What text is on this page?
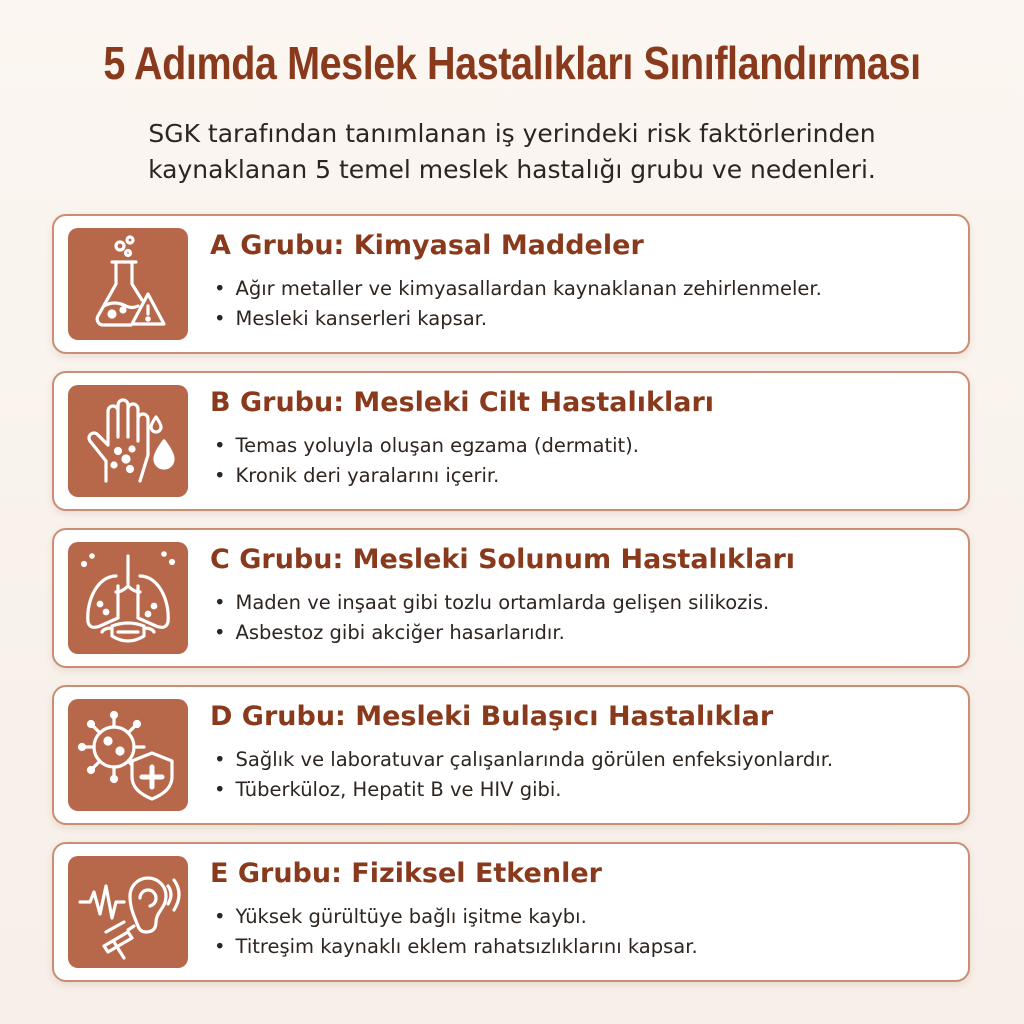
5 Adımda Meslek Hastalıkları Sınıflandırması
SGK tarafından tanımlanan iş yerindeki risk faktörlerinden
kaynaklanan 5 temel meslek hastalığı grubu ve nedenleri.
A Grubu: Kimyasal Maddeler
• Ağır metaller ve kimyasallardan kaynaklanan zehirlenmeler.
• Mesleki kanserleri kapsar.
B Grubu: Mesleki Cilt Hastalıkları
• Temas yoluyla oluşan egzama (dermatit).
• Kronik deri yaralarını içerir.
C Grubu: Mesleki Solunum Hastalıkları
• Maden ve inşaat gibi tozlu ortamlarda gelişen silikozis.
• Asbestoz gibi akciğer hasarlarıdır.
D Grubu: Mesleki Bulaşıcı Hastalıklar
• Sağlık ve laboratuvar çalışanlarında görülen enfeksiyonlardır.
• Tüberküloz, Hepatit B ve HIV gibi.
E Grubu: Fiziksel Etkenler
• Yüksek gürültüye bağlı işitme kaybı.
• Titreşim kaynaklı eklem rahatsızlıklarını kapsar.
